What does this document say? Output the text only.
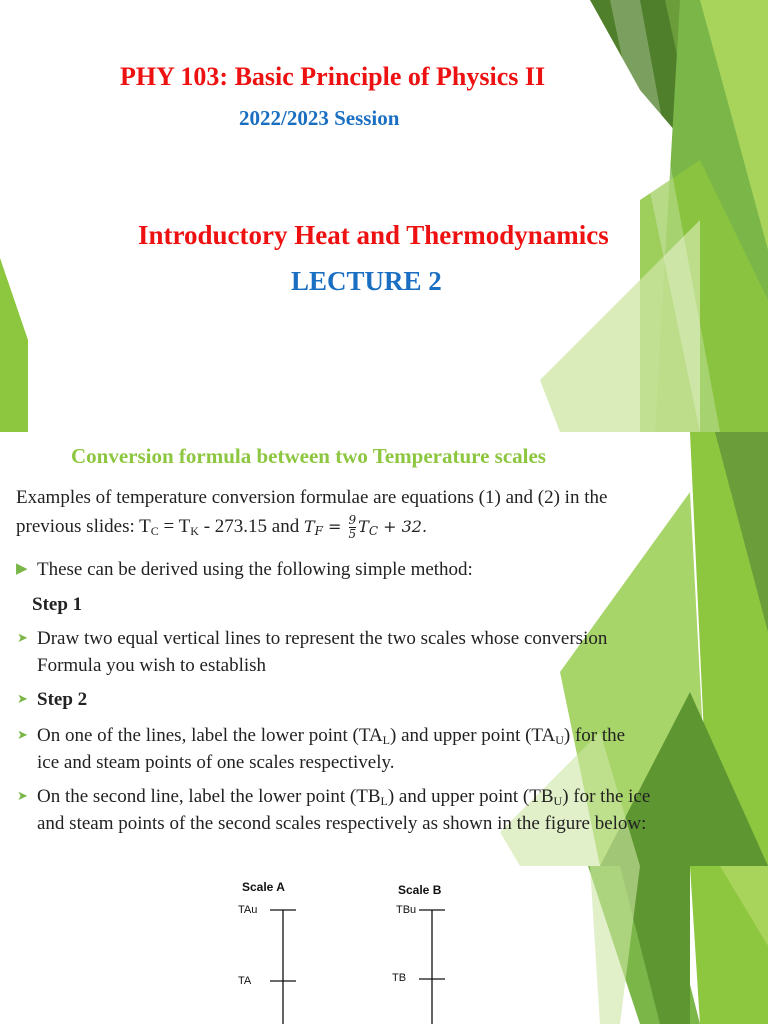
PHY 103: Basic Principle of Physics II
2022/2023 Session
Introductory Heat and Thermodynamics
LECTURE 2
Conversion formula between two Temperature scales
Examples of temperature conversion formulae are equations (1) and (2) in the
previous slides: $T_C = T_K - 273.15$ and $T_F = \frac{9}{5} T_C + 32$.
▶ These can be derived using the following simple method:
Step 1
➤ Draw two equal vertical lines to represent the two scales whose conversion
Formula you wish to establish
➤ Step 2
➤ On one of the lines, label the lower point $(TA_L)$ and upper point $(TA_U)$ for the
ice and steam points of one scales respectively.
➤ On the second line, label the lower point $(TB_L)$ and upper point $(TB_U)$ for the ice
and steam points of the second scales respectively as shown in the figure below:
Scale A	Scale B
TAu
TA
TBu
TB
